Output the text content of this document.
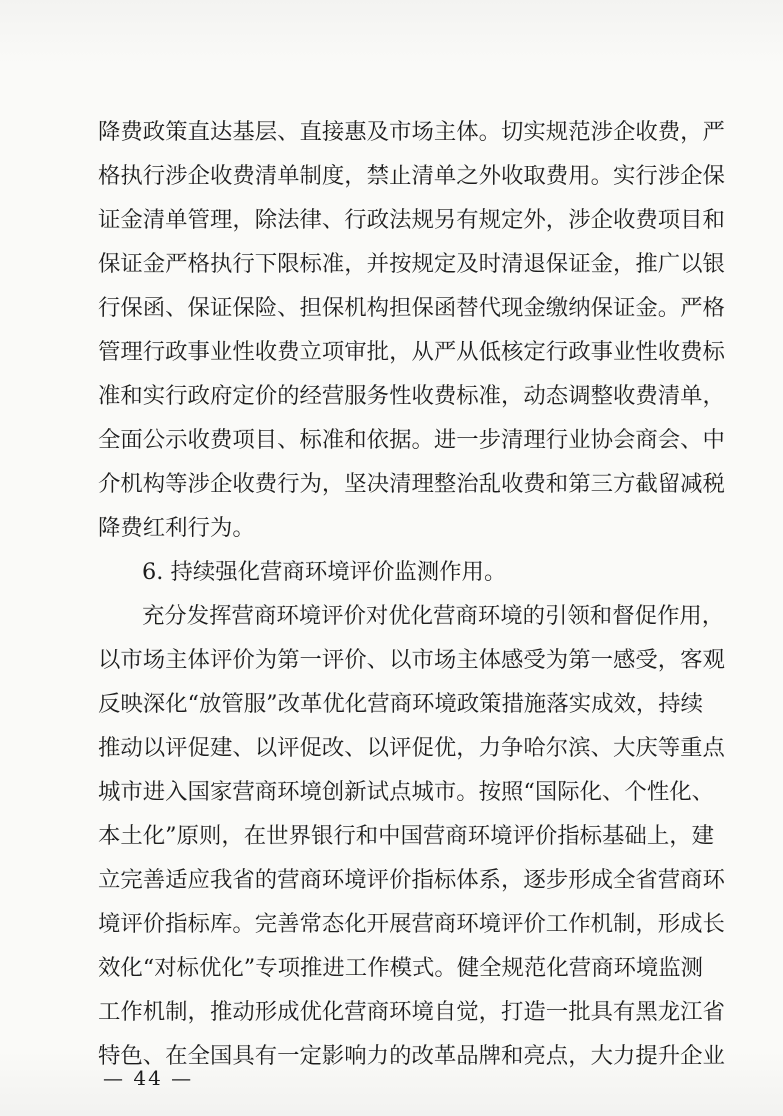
降费政策直达基层、直接惠及市场主体。切实规范涉企收费，严
格执行涉企收费清单制度，禁止清单之外收取费用。实行涉企保
证金清单管理，除法律、行政法规另有规定外，涉企收费项目和
保证金严格执行下限标准，并按规定及时清退保证金，推广以银
行保函、保证保险、担保机构担保函替代现金缴纳保证金。严格
管理行政事业性收费立项审批，从严从低核定行政事业性收费标
准和实行政府定价的经营服务性收费标准，动态调整收费清单，
全面公示收费项目、标准和依据。进一步清理行业协会商会、中
介机构等涉企收费行为，坚决清理整治乱收费和第三方截留减税
降费红利行为。
6. 持续强化营商环境评价监测作用。
充分发挥营商环境评价对优化营商环境的引领和督促作用，
以市场主体评价为第一评价、以市场主体感受为第一感受，客观
反映深化“放管服”改革优化营商环境政策措施落实成效，持续
推动以评促建、以评促改、以评促优，力争哈尔滨、大庆等重点
城市进入国家营商环境创新试点城市。按照“国际化、个性化、
本土化”原则，在世界银行和中国营商环境评价指标基础上，建
立完善适应我省的营商环境评价指标体系，逐步形成全省营商环
境评价指标库。完善常态化开展营商环境评价工作机制，形成长
效化“对标优化”专项推进工作模式。健全规范化营商环境监测
工作机制，推动形成优化营商环境自觉，打造一批具有黑龙江省
特色、在全国具有一定影响力的改革品牌和亮点，大力提升企业
— 44 —
